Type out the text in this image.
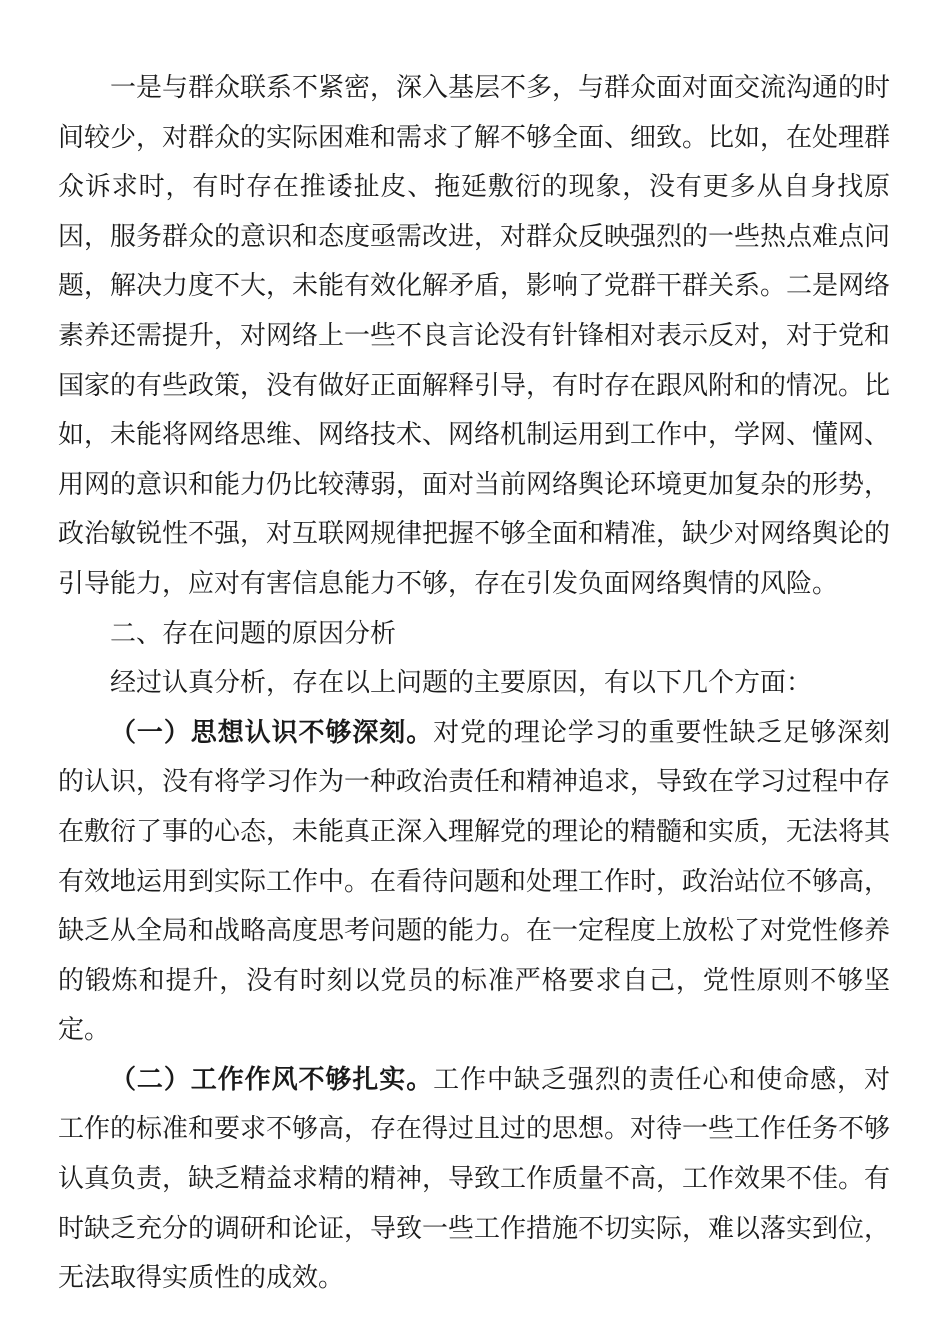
一是与群众联系不紧密，深入基层不多，与群众面对面交流沟通的时间较少，对群众的实际困难和需求了解不够全面、细致。比如，在处理群众诉求时，有时存在推诿扯皮、拖延敷衍的现象，没有更多从自身找原因，服务群众的意识和态度亟需改进，对群众反映强烈的一些热点难点问题，解决力度不大，未能有效化解矛盾，影响了党群干群关系。二是网络素养还需提升，对网络上一些不良言论没有针锋相对表示反对，对于党和国家的有些政策，没有做好正面解释引导，有时存在跟风附和的情况。比如，未能将网络思维、网络技术、网络机制运用到工作中，学网、懂网、用网的意识和能力仍比较薄弱，面对当前网络舆论环境更加复杂的形势，政治敏锐性不强，对互联网规律把握不够全面和精准，缺少对网络舆论的引导能力，应对有害信息能力不够，存在引发负面网络舆情的风险。

二、存在问题的原因分析

经过认真分析，存在以上问题的主要原因，有以下几个方面：

（一）思想认识不够深刻。对党的理论学习的重要性缺乏足够深刻的认识，没有将学习作为一种政治责任和精神追求，导致在学习过程中存在敷衍了事的心态，未能真正深入理解党的理论的精髓和实质，无法将其有效地运用到实际工作中。在看待问题和处理工作时，政治站位不够高，缺乏从全局和战略高度思考问题的能力。在一定程度上放松了对党性修养的锻炼和提升，没有时刻以党员的标准严格要求自己，党性原则不够坚定。

（二）工作作风不够扎实。工作中缺乏强烈的责任心和使命感，对工作的标准和要求不够高，存在得过且过的思想。对待一些工作任务不够认真负责，缺乏精益求精的精神，导致工作质量不高，工作效果不佳。有时缺乏充分的调研和论证，导致一些工作措施不切实际，难以落实到位，无法取得实质性的成效。
